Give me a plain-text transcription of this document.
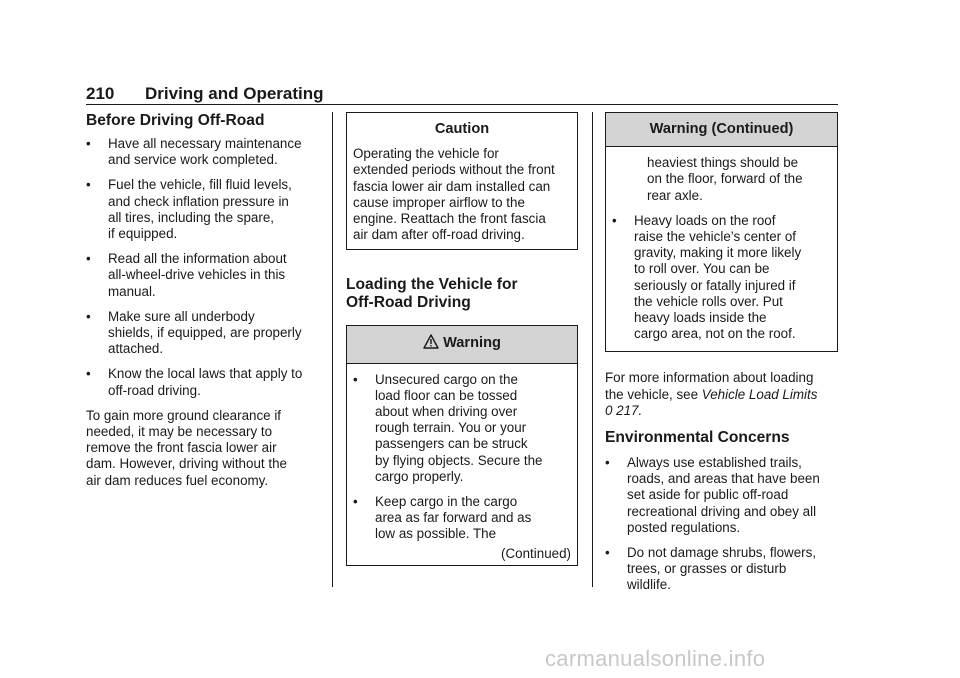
210 Driving and Operating
Before Driving Off-Road
•	Have all necessary maintenance
and service work completed.
•	Fuel the vehicle, fill fluid levels,
and check inflation pressure in
all tires, including the spare,
if equipped.
•	Read all the information about
all-wheel-drive vehicles in this
manual.
•	Make sure all underbody
shields, if equipped, are properly
attached.
•	Know the local laws that apply to
off-road driving.

To gain more ground clearance if
needed, it may be necessary to
remove the front fascia lower air
dam. However, driving without the
air dam reduces fuel economy.

Caution
Operating the vehicle for
extended periods without the front
fascia lower air dam installed can
cause improper airflow to the
engine. Reattach the front fascia
air dam after off-road driving.
Loading the Vehicle for
Off-Road Driving
Warning
•	Unsecured cargo on the
load floor can be tossed
about when driving over
rough terrain. You or your
passengers can be struck
by flying objects. Secure the
cargo properly.
•	Keep cargo in the cargo
area as far forward and as
low as possible. The
(Continued)
Warning (Continued)
heaviest things should be
on the floor, forward of the
rear axle.
•	Heavy loads on the roof
raise the vehicle’s center of
gravity, making it more likely
to roll over. You can be
seriously or fatally injured if
the vehicle rolls over. Put
heavy loads inside the
cargo area, not on the roof.
For more information about loading
the vehicle, see Vehicle Load Limits
0 217.
Environmental Concerns
•	Always use established trails,
roads, and areas that have been
set aside for public off-road
recreational driving and obey all
posted regulations.
•	Do not damage shrubs, flowers,
trees, or grasses or disturb
wildlife.
carmanualsonline.info
